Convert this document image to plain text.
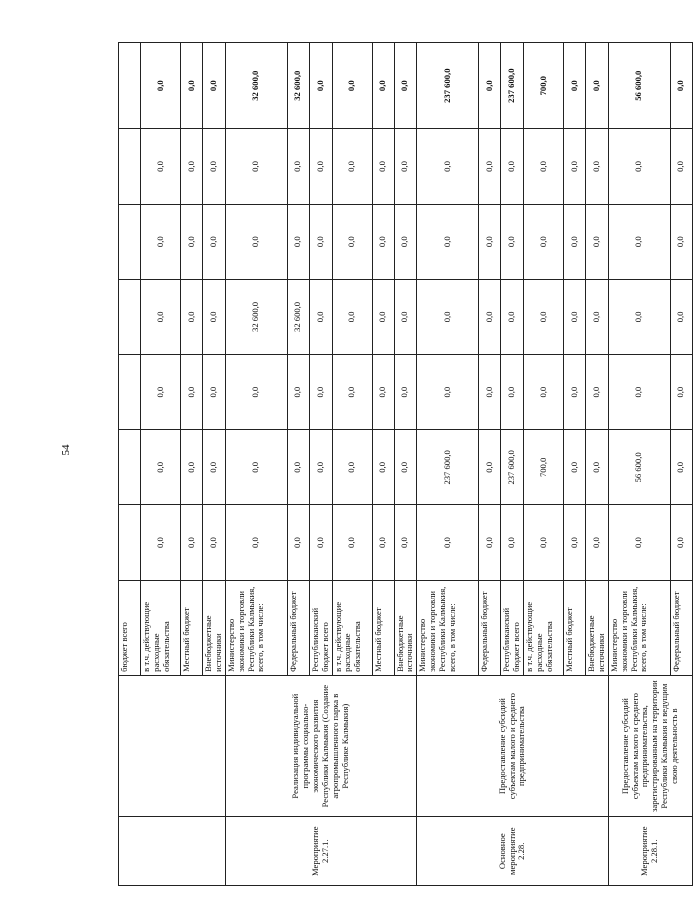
54
		бюджет всего							
		в т.ч. действующие расходные обязательства	0,0	0,0	0,0	0,0	0,0	0,0	0,0
		Местный бюджет	0,0	0,0	0,0	0,0	0,0	0,0	0,0
		Внебюджетные источники	0,0	0,0	0,0	0,0	0,0	0,0	0,0
Мероприятие 2.27.1.	Реализация индивидуальной программы социально-экономического развития Республики Калмыкия (Создание агропромышленного парка в Республике Калмыкия)	Министерство экономики и торговли Республики Калмыкия, всего, в том числе:	0,0	0,0	0,0	32 600,0	0,0	0,0	32 600,0
		Федеральный бюджет	0,0	0,0	0,0	32 600,0	0,0	0,0	32 600,0
		Республиканский бюджет всего	0,0	0,0	0,0	0,0	0,0	0,0	0,0
		в т.ч. действующие расходные обязательства	0,0	0,0	0,0	0,0	0,0	0,0	0,0
		Местный бюджет	0,0	0,0	0,0	0,0	0,0	0,0	0,0
		Внебюджетные источники	0,0	0,0	0,0	0,0	0,0	0,0	0,0
Основное мероприятие 2.28.	Предоставление субсидий субъектам малого и среднего предпринимательства	Министерство экономики и торговли Республики Калмыкия, всего, в том числе:	0,0	237 600,0	0,0	0,0	0,0	0,0	237 600,0
		Федеральный бюджет	0,0	0,0	0,0	0,0	0,0	0,0	0,0
		Республиканский бюджет всего	0,0	237 600,0	0,0	0,0	0,0	0,0	237 600,0
		в т.ч. действующие расходные обязательства	0,0	700,0	0,0	0,0	0,0	0,0	700,0
		Местный бюджет	0,0	0,0	0,0	0,0	0,0	0,0	0,0
		Внебюджетные источники	0,0	0,0	0,0	0,0	0,0	0,0	0,0
Мероприятие 2.28.1.	Предоставление субсидий субъектам малого и среднего предпринимательства, зарегистрированным на территории Республики Калмыкия и ведущим свою деятельность в	Министерство экономики и торговли Республики Калмыкия, всего, в том числе:	0,0	56 600,0	0,0	0,0	0,0	0,0	56 600,0
		Федеральный бюджет	0,0	0,0	0,0	0,0	0,0	0,0	0,0
